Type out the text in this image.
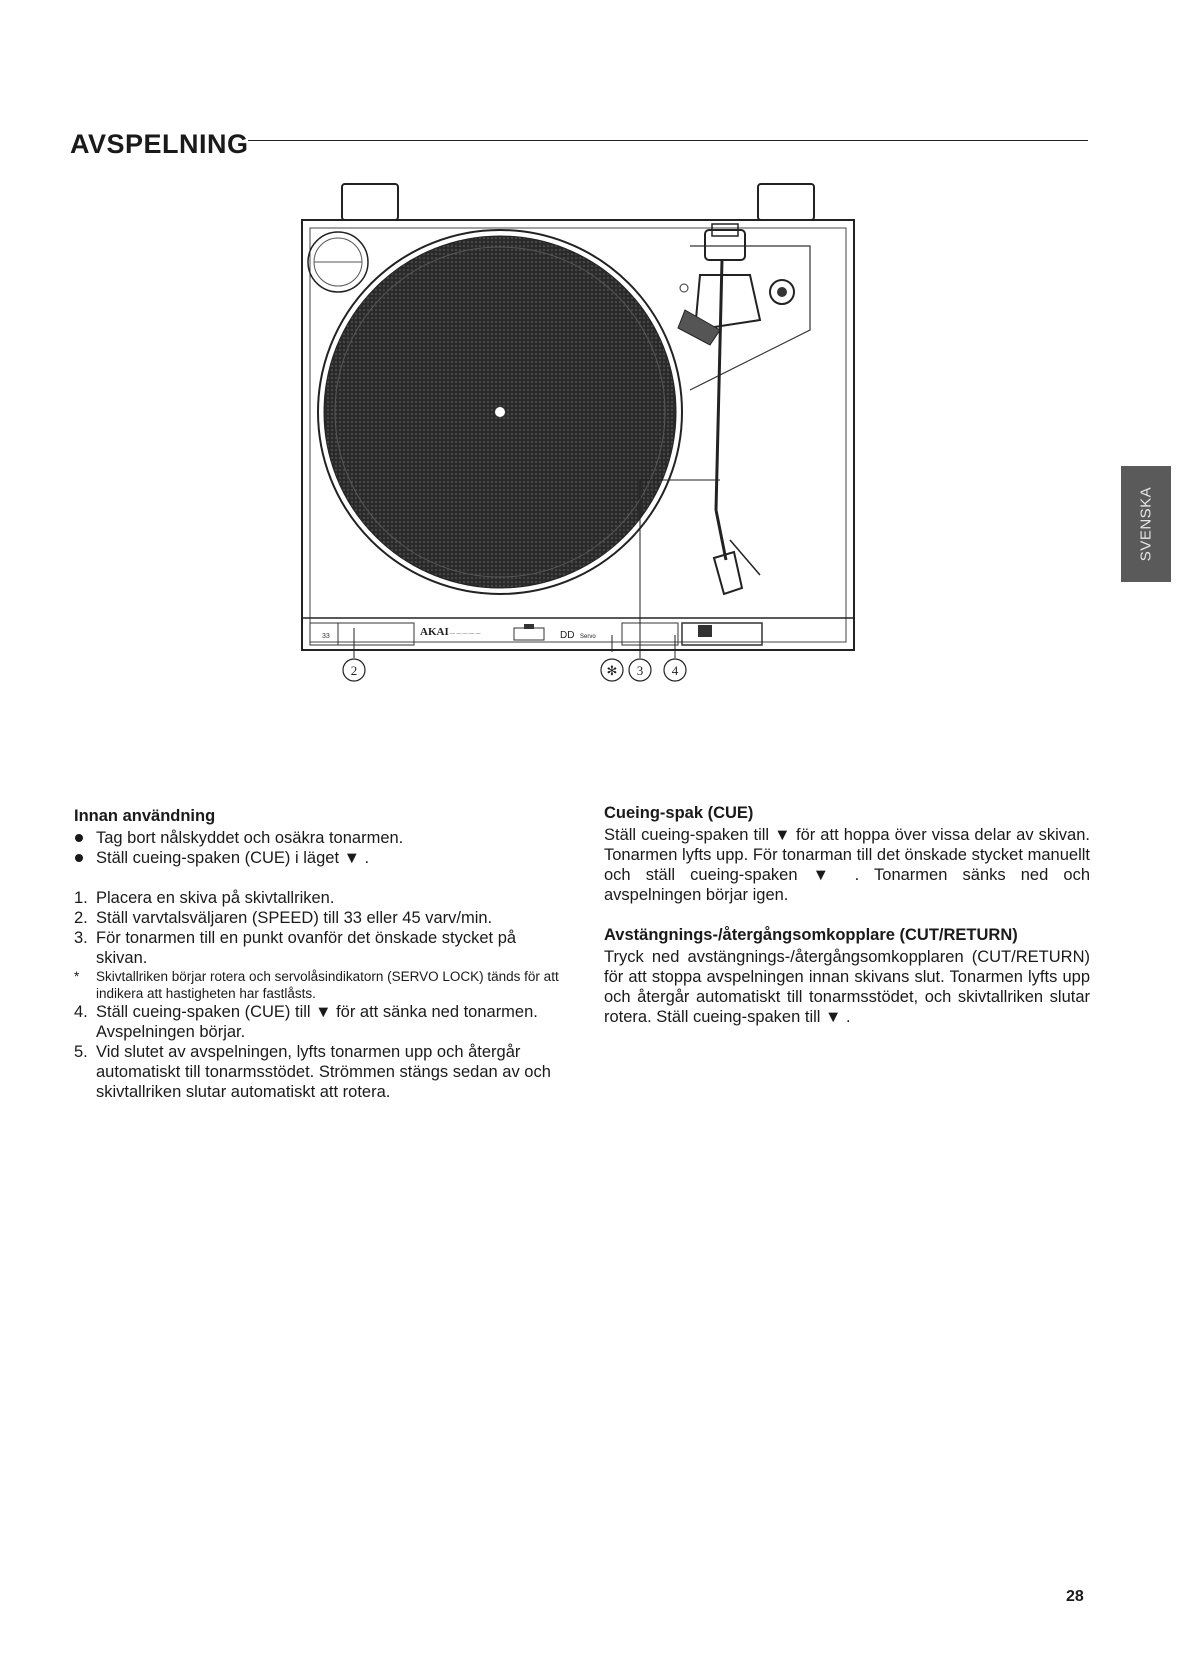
AVSPELNING
SVENSKA
33	AKAI — — — — —	DD Servo
2	✻ 3 4

Innan användning

Tag bort nålskyddet och osäkra tonarmen.
Ställ cueing-spaken (CUE) i läget ▼ .
1. Placera en skiva på skivtallriken.
2. Ställ varvtalsväljaren (SPEED) till 33 eller 45 varv/min.
3. För tonarmen till en punkt ovanför det önskade stycket på skivan.
* Skivtallriken börjar rotera och servolåsindikatorn (SERVO LOCK) tänds för att indikera att hastigheten har fastlåsts.
4. Ställ cueing-spaken (CUE) till ▼ för att sänka ned tonarmen. Avspelningen börjar.
5. Vid slutet av avspelningen, lyfts tonarmen upp och återgår automatiskt till tonarmsstödet. Strömmen stängs sedan av och skivtallriken slutar automatiskt att rotera.

Cueing-spak (CUE)

Ställ cueing-spaken till ▼ för att hoppa över vissa delar av skivan. Tonarmen lyfts upp. För tonarman till det önskade stycket manuellt och ställ cueing-spaken ▼ . Tonarmen sänks ned och avspelningen börjar igen.

Avstängnings-/återgångsomkopplare (CUT/RETURN)

Tryck ned avstängnings-/återgångsomkopplaren (CUT/RETURN) för att stoppa avspelningen innan skivans slut. Tonarmen lyfts upp och återgår automatiskt till tonarmsstödet, och skivtallriken slutar rotera. Ställ cueing-spaken till ▼ .

28
